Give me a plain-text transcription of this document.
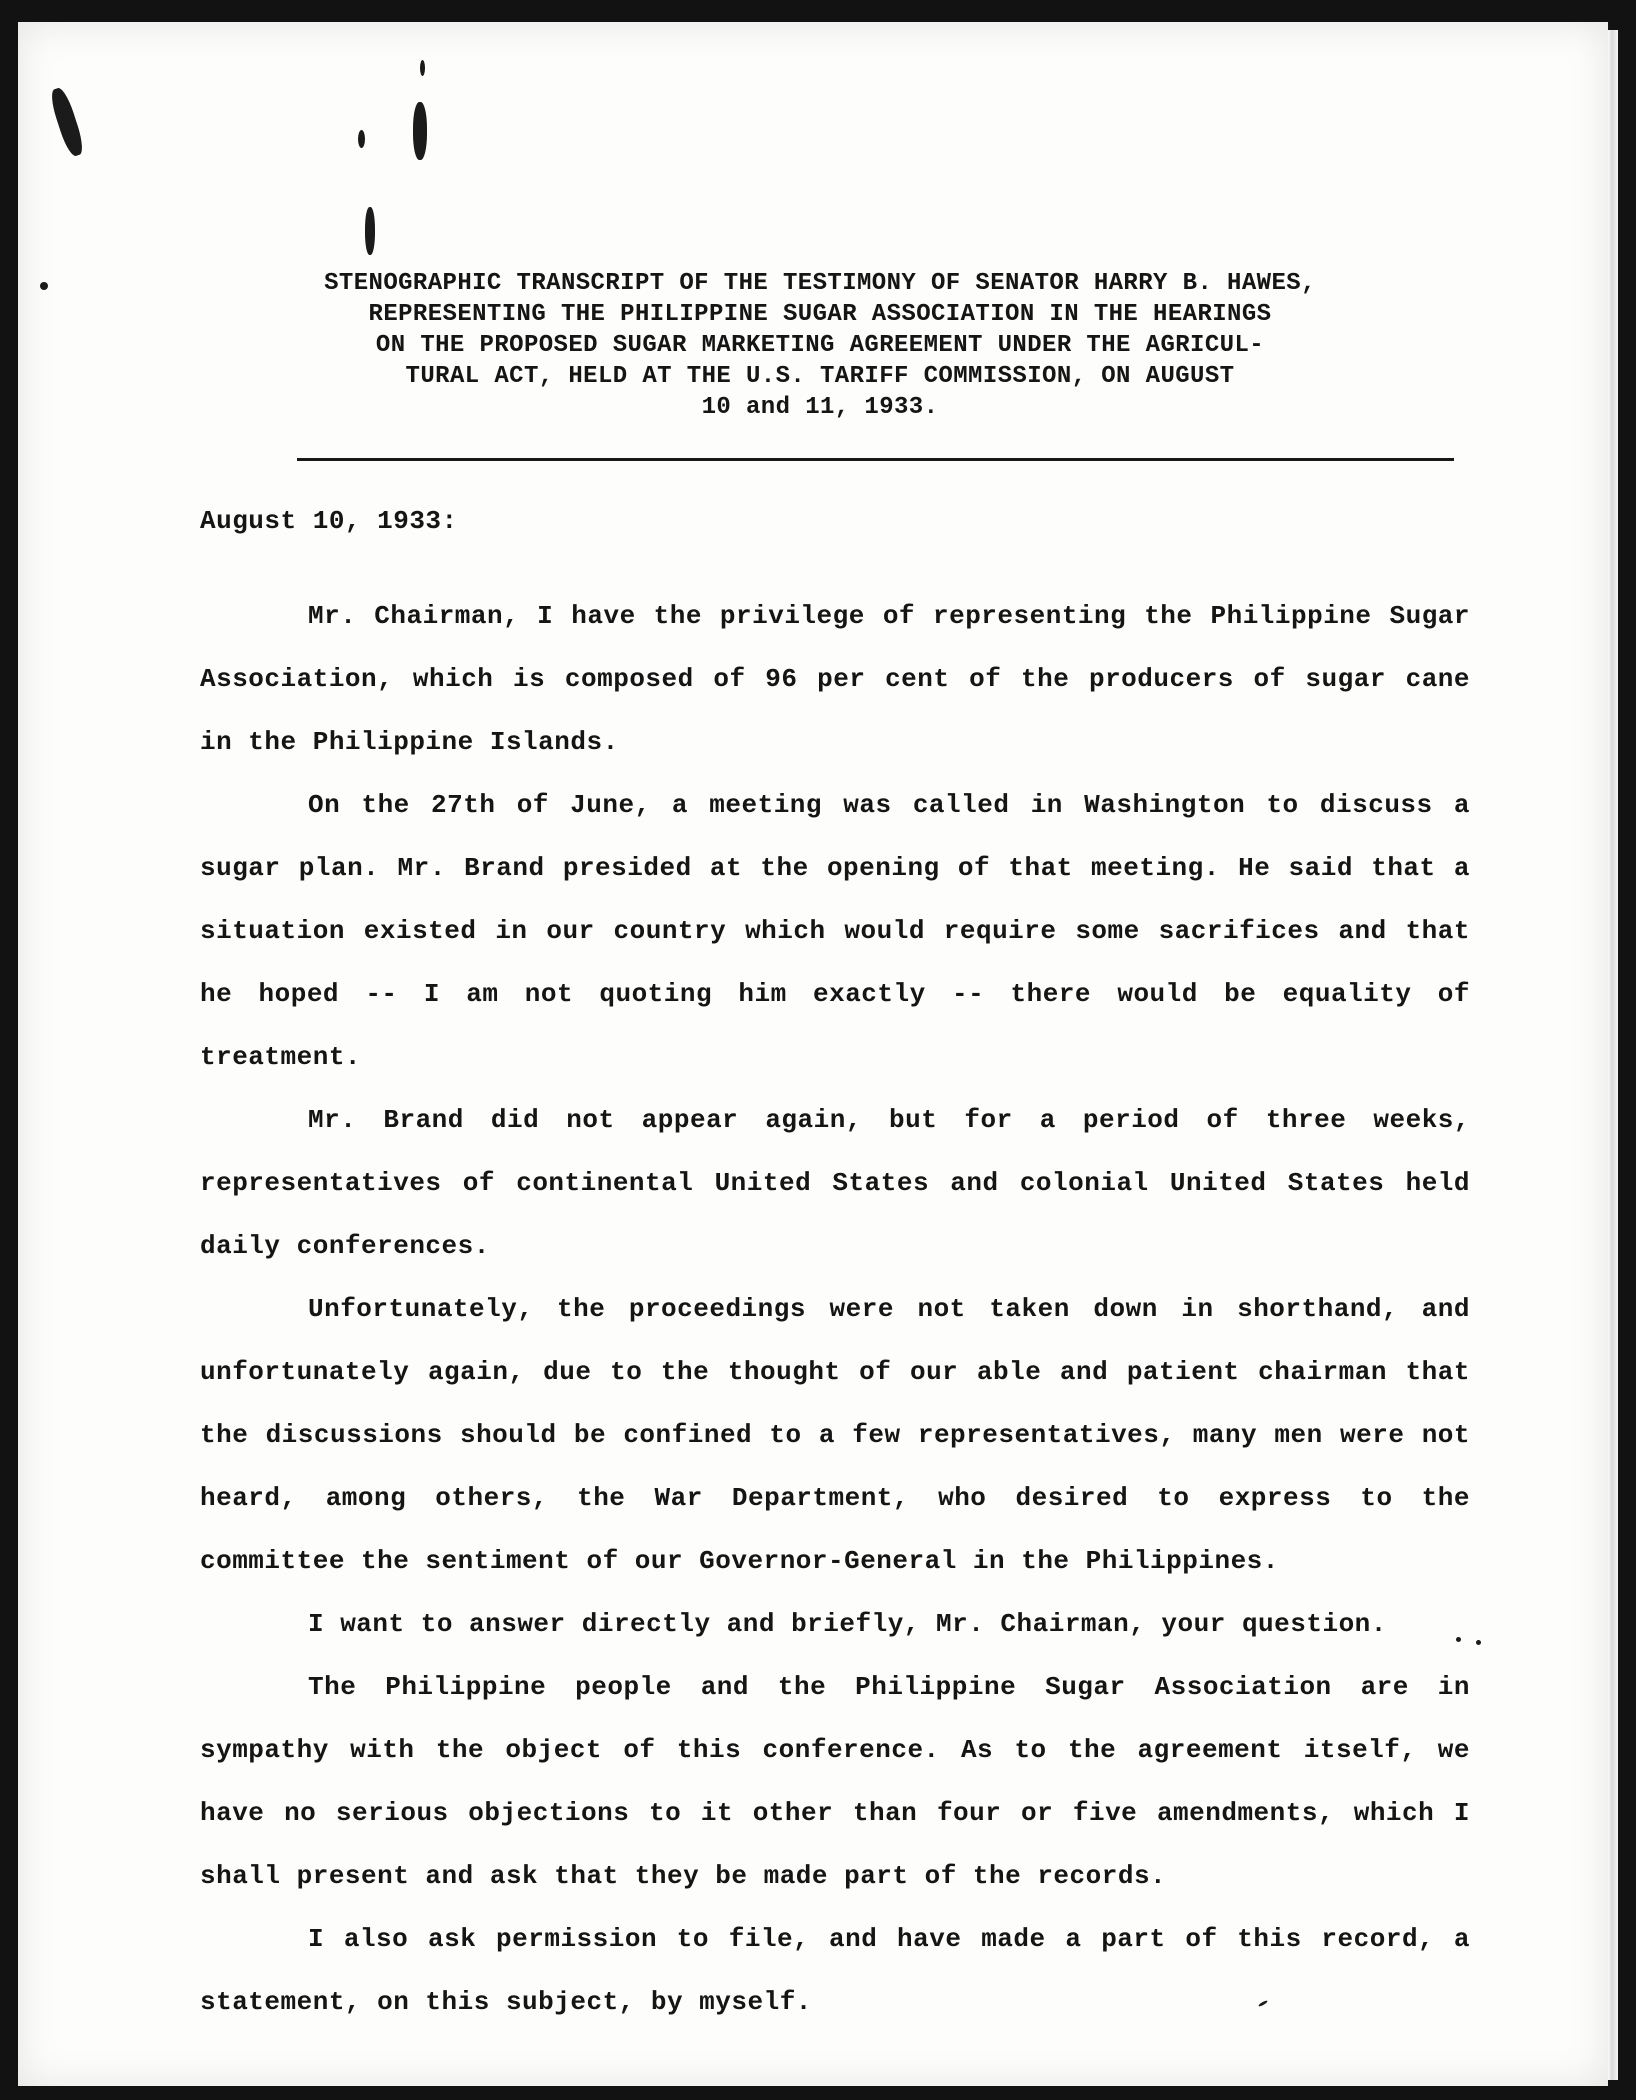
STENOGRAPHIC TRANSCRIPT OF THE TESTIMONY OF SENATOR HARRY B. HAWES,
REPRESENTING THE PHILIPPINE SUGAR ASSOCIATION IN THE HEARINGS
ON THE PROPOSED SUGAR MARKETING AGREEMENT UNDER THE AGRICUL-
TURAL ACT, HELD AT THE U.S. TARIFF COMMISSION, ON AUGUST
10 and 11, 1933.

August 10, 1933:

Mr. Chairman, I have the privilege of representing the Philippine Sugar Association, which is composed of 96 per cent of the producers of sugar cane in the Philippine Islands.

On the 27th of June, a meeting was called in Washington to discuss a sugar plan. Mr. Brand presided at the opening of that meeting. He said that a situation existed in our country which would require some sacrifices and that he hoped -- I am not quoting him exactly -- there would be equality of treatment.

Mr. Brand did not appear again, but for a period of three weeks, representatives of continental United States and colonial United States held daily conferences.

Unfortunately, the proceedings were not taken down in shorthand, and unfortunately again, due to the thought of our able and patient chairman that the discussions should be confined to a few representatives, many men were not heard, among others, the War Department, who desired to express to the committee the sentiment of our Governor-General in the Philippines.

I want to answer directly and briefly, Mr. Chairman, your question.

The Philippine people and the Philippine Sugar Association are in sympathy with the object of this conference. As to the agreement itself, we have no serious objections to it other than four or five amendments, which I shall present and ask that they be made part of the records.

I also ask permission to file, and have made a part of this record, a statement, on this subject, by myself.
